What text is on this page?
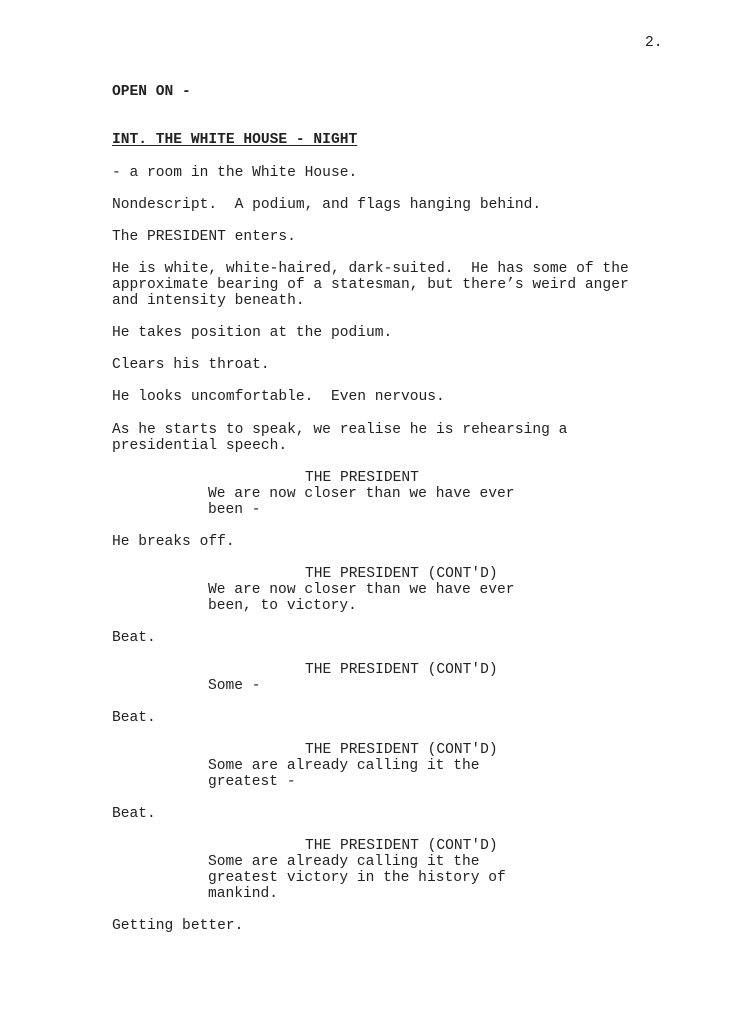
2.
OPEN ON -
INT. THE WHITE HOUSE - NIGHT
- a room in the White House.
Nondescript.  A podium, and flags hanging behind.
The PRESIDENT enters.
He is white, white-haired, dark-suited.  He has some of the
approximate bearing of a statesman, but there’s weird anger
and intensity beneath.
He takes position at the podium.
Clears his throat.
He looks uncomfortable.  Even nervous.
As he starts to speak, we realise he is rehearsing a
presidential speech.
THE PRESIDENT
We are now closer than we have ever
been -
He breaks off.
THE PRESIDENT (CONT'D)
We are now closer than we have ever
been, to victory.
Beat.
THE PRESIDENT (CONT'D)
Some -
Beat.
THE PRESIDENT (CONT'D)
Some are already calling it the
greatest -
Beat.
THE PRESIDENT (CONT'D)
Some are already calling it the
greatest victory in the history of
mankind.
Getting better.
